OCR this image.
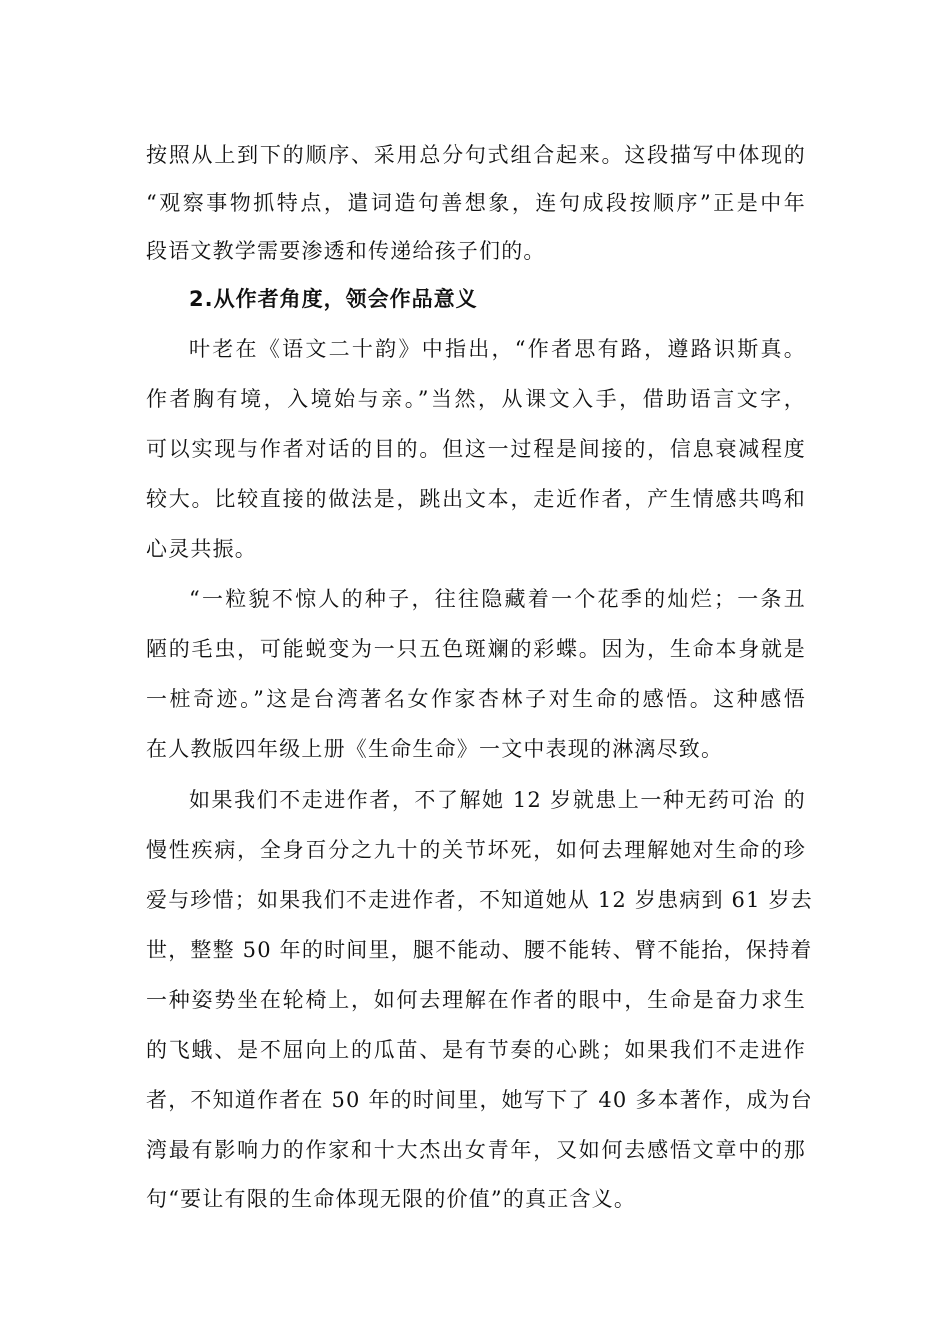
按照从上到下的顺序、采用总分句式组合起来。这段描写中体现的
“观察事物抓特点，遣词造句善想象，连句成段按顺序”正是中年
段语文教学需要渗透和传递给孩子们的。
2.从作者角度，领会作品意义
叶老在《语文二十韵》中指出，“作者思有路，遵路识斯真。
作者胸有境，入境始与亲。”当然，从课文入手，借助语言文字，
可以实现与作者对话的目的。但这一过程是间接的，信息衰减程度
较大。比较直接的做法是，跳出文本，走近作者，产生情感共鸣和
心灵共振。
“一粒貌不惊人的种子，往往隐藏着一个花季的灿烂；一条丑
陋的毛虫，可能蜕变为一只五色斑斓的彩蝶。因为，生命本身就是
一桩奇迹。”这是台湾著名女作家杏林子对生命的感悟。这种感悟
在人教版四年级上册《生命生命》一文中表现的淋漓尽致。
如果我们不走进作者，不了解她 12 岁就患上一种无药可治 的
慢性疾病，全身百分之九十的关节坏死，如何去理解她对生命的珍
爱与珍惜；如果我们不走进作者，不知道她从 12 岁患病到 61 岁去
世，整整 50 年的时间里，腿不能动、腰不能转、臂不能抬，保持着
一种姿势坐在轮椅上，如何去理解在作者的眼中，生命是奋力求生
的飞蛾、是不屈向上的瓜苗、是有节奏的心跳；如果我们不走进作
者，不知道作者在 50 年的时间里，她写下了 40 多本著作，成为台
湾最有影响力的作家和十大杰出女青年，又如何去感悟文章中的那
句“要让有限的生命体现无限的价值”的真正含义。
